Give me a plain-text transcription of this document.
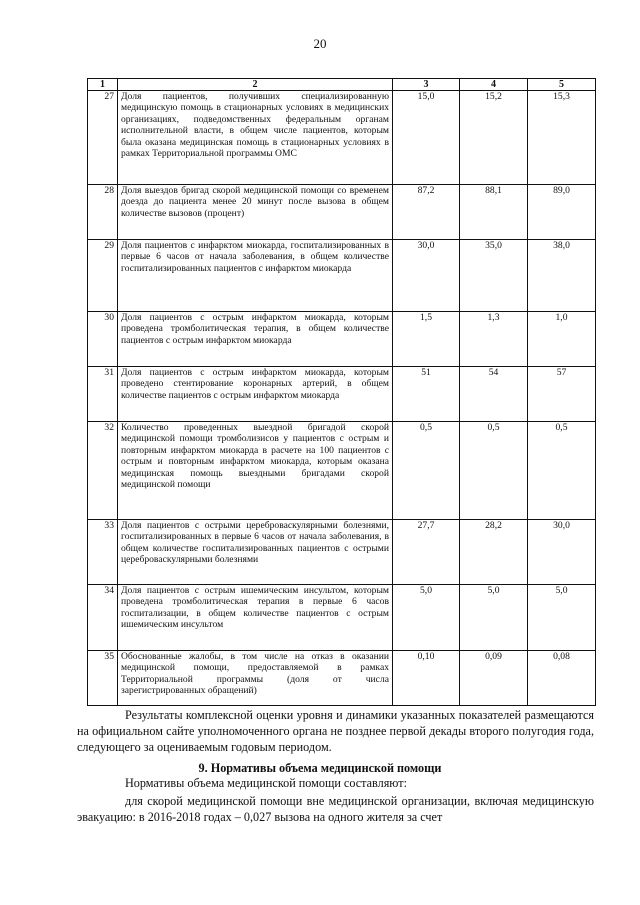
20
1	2	3	4	5
27	Доля пациентов, получивших специализированную медицинскую помощь в стационарных условиях в медицинских организациях, подведомственных федеральным органам исполнительной власти, в общем числе пациентов, которым была оказана медицинская помощь в стационарных условиях в рамках Территориальной программы ОМС	15,0	15,2	15,3
28	Доля выездов бригад скорой медицинской помощи со временем доезда до пациента менее 20 минут после вызова в общем количестве вызовов (процент)	87,2	88,1	89,0
29	Доля пациентов с инфарктом миокарда, госпитализированных в первые 6 часов от начала заболевания, в общем количестве госпитализированных пациентов с инфарктом миокарда	30,0	35,0	38,0
30	Доля пациентов с острым инфарктом миокарда, которым проведена тромболитическая терапия, в общем количестве пациентов с острым инфарктом миокарда	1,5	1,3	1,0
31	Доля пациентов с острым инфарктом миокарда, которым проведено стентирование коронарных артерий, в общем количестве пациентов с острым инфарктом миокарда	51	54	57
32	Количество проведенных выездной бригадой скорой медицинской помощи тромболизисов у пациентов с острым и повторным инфарктом миокарда в расчете на 100 пациентов с острым и повторным инфарктом миокарда, которым оказана медицинская помощь выездными бригадами скорой медицинской помощи	0,5	0,5	0,5
33	Доля пациентов с острыми цереброваскулярными болезнями, госпитализированных в первые 6 часов от начала заболевания, в общем количестве госпитализированных пациентов с острыми цереброваскулярными болезнями	27,7	28,2	30,0
34	Доля пациентов с острым ишемическим инсультом, которым проведена тромболитическая терапия в первые 6 часов госпитализации, в общем количестве пациентов с острым ишемическим инсультом	5,0	5,0	5,0
35	Обоснованные жалобы, в том числе на отказ в оказании медицинской помощи, предоставляемой в рамках Территориальной программы (доля от числа зарегистрированных обращений)	0,10	0,09	0,08
Результаты комплексной оценки уровня и динамики указанных показателей размещаются на официальном сайте уполномоченного органа не позднее первой декады второго полугодия года, следующего за оцениваемым годовым периодом.
9. Нормативы объема медицинской помощи
Нормативы объема медицинской помощи составляют:
для скорой медицинской помощи вне медицинской организации, включая медицинскую эвакуацию: в 2016-2018 годах – 0,027 вызова на одного жителя за счет
